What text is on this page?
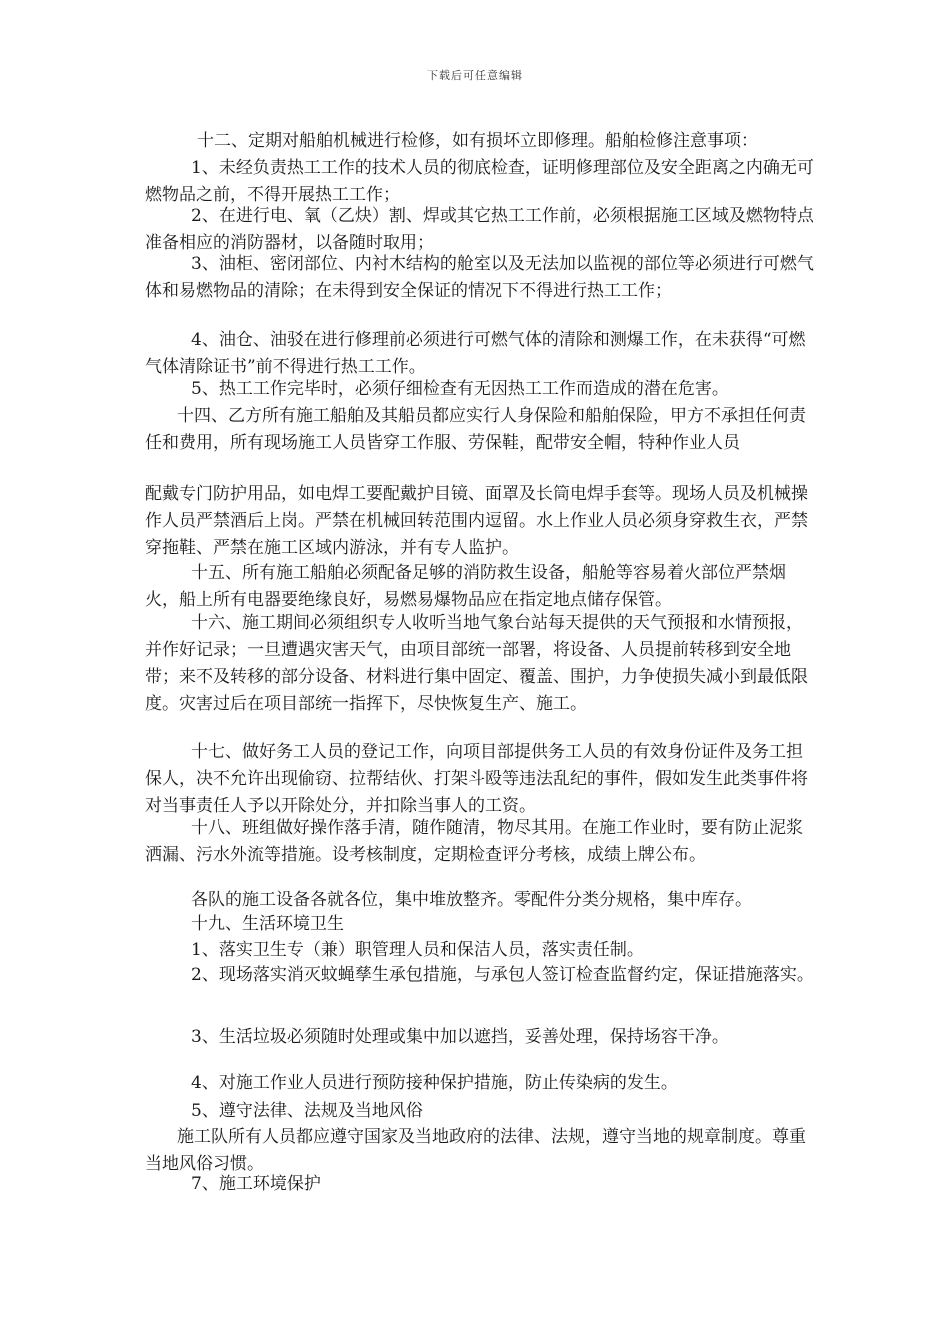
下载后可任意编辑

十二、定期对船舶机械进行检修，如有损坏立即修理。船舶检修注意事项：

1、未经负责热工工作的技术人员的彻底检查，证明修理部位及安全距离之内确无可燃物品之前，不得开展热工工作；

2、在进行电、氧（乙炔）割、焊或其它热工工作前，必须根据施工区域及燃物特点准备相应的消防器材，以备随时取用；

3、油柜、密闭部位、内衬木结构的舱室以及无法加以监视的部位等必须进行可燃气体和易燃物品的清除；在未得到安全保证的情况下不得进行热工工作；

4、油仓、油驳在进行修理前必须进行可燃气体的清除和测爆工作，在未获得“可燃气体清除证书”前不得进行热工工作。

5、热工工作完毕时，必须仔细检查有无因热工工作而造成的潜在危害。

十四、乙方所有施工船舶及其船员都应实行人身保险和船舶保险，甲方不承担任何责任和费用，所有现场施工人员皆穿工作服、劳保鞋，配带安全帽，特种作业人员

配戴专门防护用品，如电焊工要配戴护目镜、面罩及长筒电焊手套等。现场人员及机械操作人员严禁酒后上岗。严禁在机械回转范围内逗留。水上作业人员必须身穿救生衣，严禁穿拖鞋、严禁在施工区域内游泳，并有专人监护。

十五、所有施工船舶必须配备足够的消防救生设备，船舱等容易着火部位严禁烟火，船上所有电器要绝缘良好，易燃易爆物品应在指定地点储存保管。

十六、施工期间必须组织专人收听当地气象台站每天提供的天气预报和水情预报，并作好记录；一旦遭遇灾害天气，由项目部统一部署，将设备、人员提前转移到安全地带；来不及转移的部分设备、材料进行集中固定、覆盖、围护，力争使损失减小到最低限度。灾害过后在项目部统一指挥下，尽快恢复生产、施工。

十七、做好务工人员的登记工作，向项目部提供务工人员的有效身份证件及务工担保人，决不允许出现偷窃、拉帮结伙、打架斗殴等违法乱纪的事件，假如发生此类事件将对当事责任人予以开除处分，并扣除当事人的工资。

十八、班组做好操作落手清，随作随清，物尽其用。在施工作业时，要有防止泥浆洒漏、污水外流等措施。设考核制度，定期检查评分考核，成绩上牌公布。

各队的施工设备各就各位，集中堆放整齐。零配件分类分规格，集中库存。

十九、生活环境卫生

1、落实卫生专（兼）职管理人员和保洁人员，落实责任制。

2、现场落实消灭蚊蝇孳生承包措施，与承包人签订检查监督约定，保证措施落实。

3、生活垃圾必须随时处理或集中加以遮挡，妥善处理，保持场容干净。

4、对施工作业人员进行预防接种保护措施，防止传染病的发生。

5、遵守法律、法规及当地风俗

施工队所有人员都应遵守国家及当地政府的法律、法规，遵守当地的规章制度。尊重当地风俗习惯。

7、施工环境保护
